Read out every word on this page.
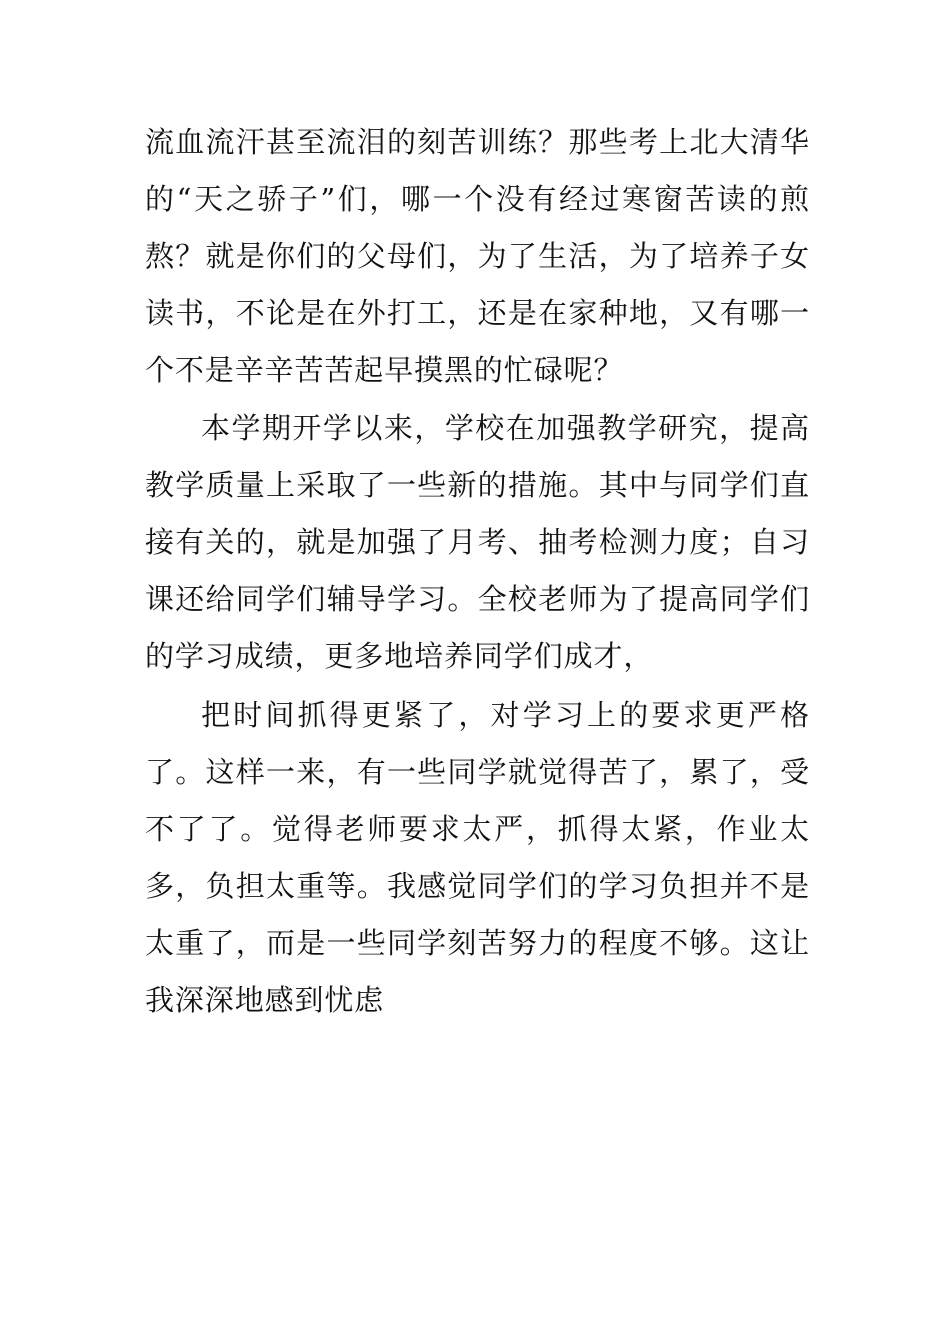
流血流汗甚至流泪的刻苦训练？那些考上北大清华的“天之骄子”们，哪一个没有经过寒窗苦读的煎熬？就是你们的父母们，为了生活，为了培养子女读书，不论是在外打工，还是在家种地，又有哪一个不是辛辛苦苦起早摸黑的忙碌呢？

本学期开学以来，学校在加强教学研究，提高教学质量上采取了一些新的措施。其中与同学们直接有关的，就是加强了月考、抽考检测力度；自习课还给同学们辅导学习。全校老师为了提高同学们的学习成绩，更多地培养同学们成才，

把时间抓得更紧了，对学习上的要求更严格了。这样一来，有一些同学就觉得苦了，累了，受不了了。觉得老师要求太严，抓得太紧，作业太多，负担太重等。我感觉同学们的学习负担并不是太重了，而是一些同学刻苦努力的程度不够。这让我深深地感到忧虑
